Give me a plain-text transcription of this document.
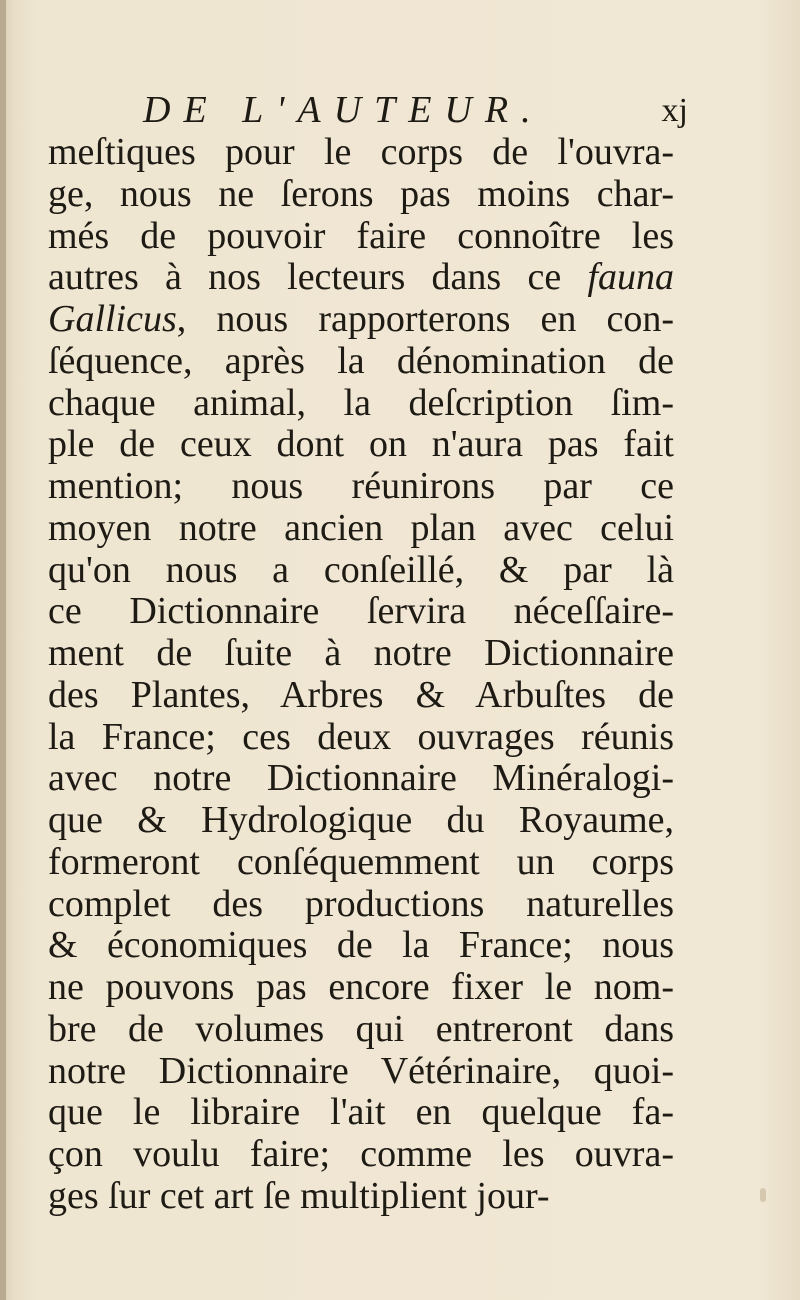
DE L'AUTEUR.	xj
meſtiques pour le corps de l'ouvra-
ge, nous ne ſerons pas moins char-
més de pouvoir faire connoître les
autres à nos lecteurs dans ce fauna
Gallicus, nous rapporterons en con-
ſéquence, après la dénomination de
chaque animal, la deſcription ſim-
ple de ceux dont on n'aura pas fait
mention; nous réunirons par ce
moyen notre ancien plan avec celui
qu'on nous a conſeillé, & par là
ce Dictionnaire ſervira néceſſaire-
ment de ſuite à notre Dictionnaire
des Plantes, Arbres & Arbuſtes de
la France; ces deux ouvrages réunis
avec notre Dictionnaire Minéralogi-
que & Hydrologique du Royaume,
formeront conſéquemment un corps
complet des productions naturelles
& économiques de la France; nous
ne pouvons pas encore fixer le nom-
bre de volumes qui entreront dans
notre Dictionnaire Vétérinaire, quoi-
que le libraire l'ait en quelque fa-
çon voulu faire; comme les ouvra-
ges ſur cet art ſe multiplient jour-
